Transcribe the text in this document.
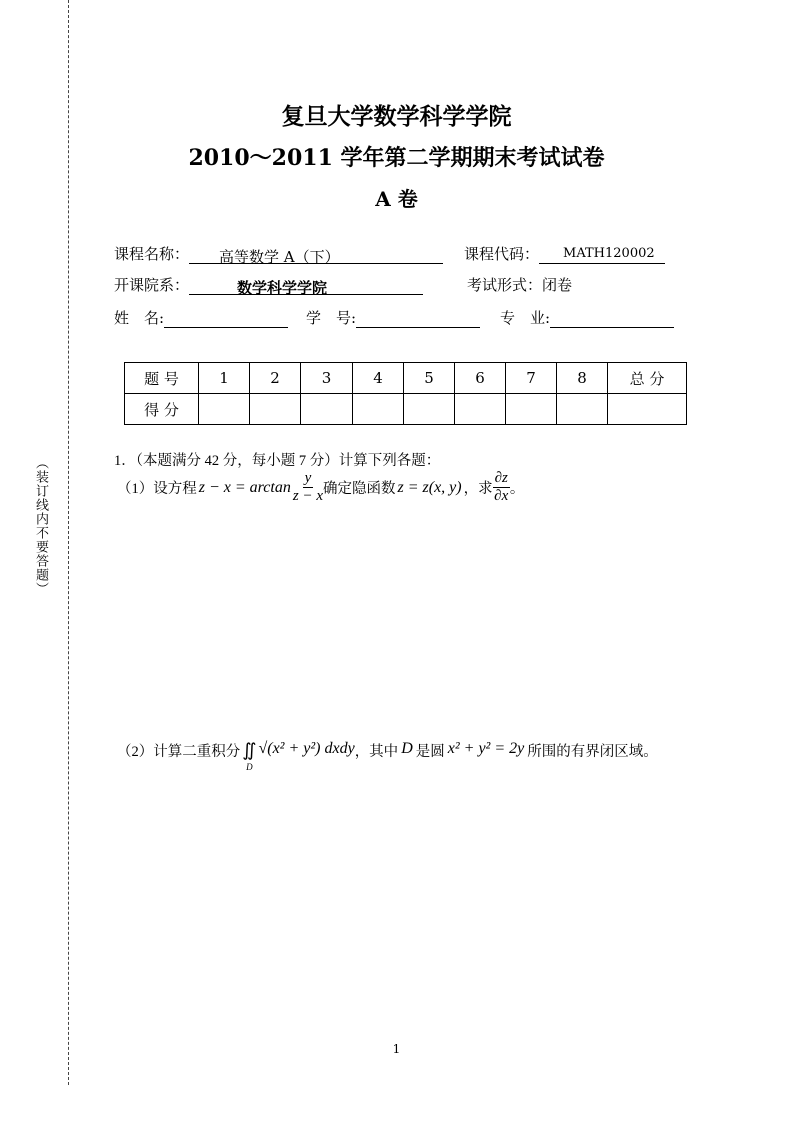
（装订线内不要答题）
复旦大学数学科学学院
2010～2011 学年第二学期期末考试试卷
A 卷
课程名称： 高等数学 A（下）	课程代码： MATH120002
开课院系：	数学科学学院	考试形式：闭卷
姓　名:	学　号:	专　业:
题 号	1	2	3	4	5	6	7	8	总 分
得 分									
1．（本题满分 42 分，每小题 7 分）计算下列各题：
（1）设方程 $z - x = \arctan \frac{y}{z - x}$ 确定隐函数 z = z(x, y) ，求 $\frac{\partial z}{\partial x}$ 。
（2）计算二重积分 ∬
D
√(x² + y²) dxdy ，其中 D 是圆 x² + y² = 2y 所围的有界闭区域。
1
